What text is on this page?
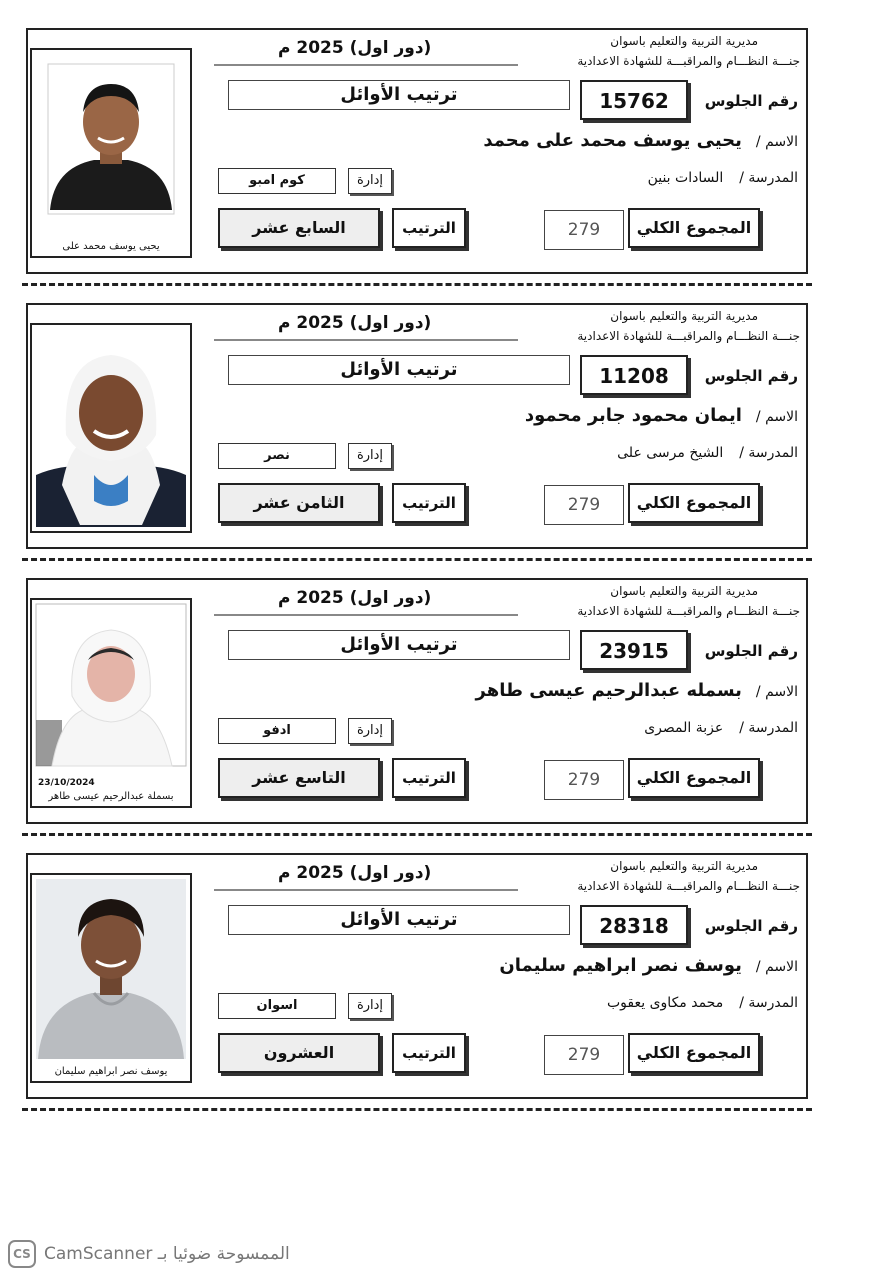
مديرية التربية والتعليم باسوان
جنـــة النظـــام والمراقبـــة للشهادة الاعدادية
(دور اول) 2025 م
ترتيب الأوائل	رقم الجلوس
15762
الاسم /
يحيى يوسف محمد على محمد
المدرسة /
السادات بنين
إدارة
كوم امبو
المجموع الكلي
279
الترتيب
السابع عشر
يحيى يوسف محمد على
مديرية التربية والتعليم باسوان
جنـــة النظـــام والمراقبـــة للشهادة الاعدادية
(دور اول) 2025 م
ترتيب الأوائل	رقم الجلوس
11208
الاسم /
ايمان محمود جابر محمود
المدرسة /
الشيخ مرسى على
إدارة
نصر
المجموع الكلي
279
الترتيب
الثامن عشر
مديرية التربية والتعليم باسوان
جنـــة النظـــام والمراقبـــة للشهادة الاعدادية
(دور اول) 2025 م
ترتيب الأوائل	رقم الجلوس
23915
الاسم /
بسمله عبدالرحيم عيسى طاهر
المدرسة /
عزبة المصرى
إدارة
ادفو
المجموع الكلي
279
الترتيب
التاسع عشر
23/10/2024
بسملة عبدالرحيم عيسى طاهر
مديرية التربية والتعليم باسوان
جنـــة النظـــام والمراقبـــة للشهادة الاعدادية
(دور اول) 2025 م
ترتيب الأوائل	رقم الجلوس
28318
الاسم /
يوسف نصر ابراهيم سليمان
المدرسة /
محمد مكاوى يعقوب
إدارة
اسوان
المجموع الكلي
279
الترتيب
العشرون
يوسف نصر ابراهيم سليمان
CS الممسوحة ضوئيا بـ CamScanner
